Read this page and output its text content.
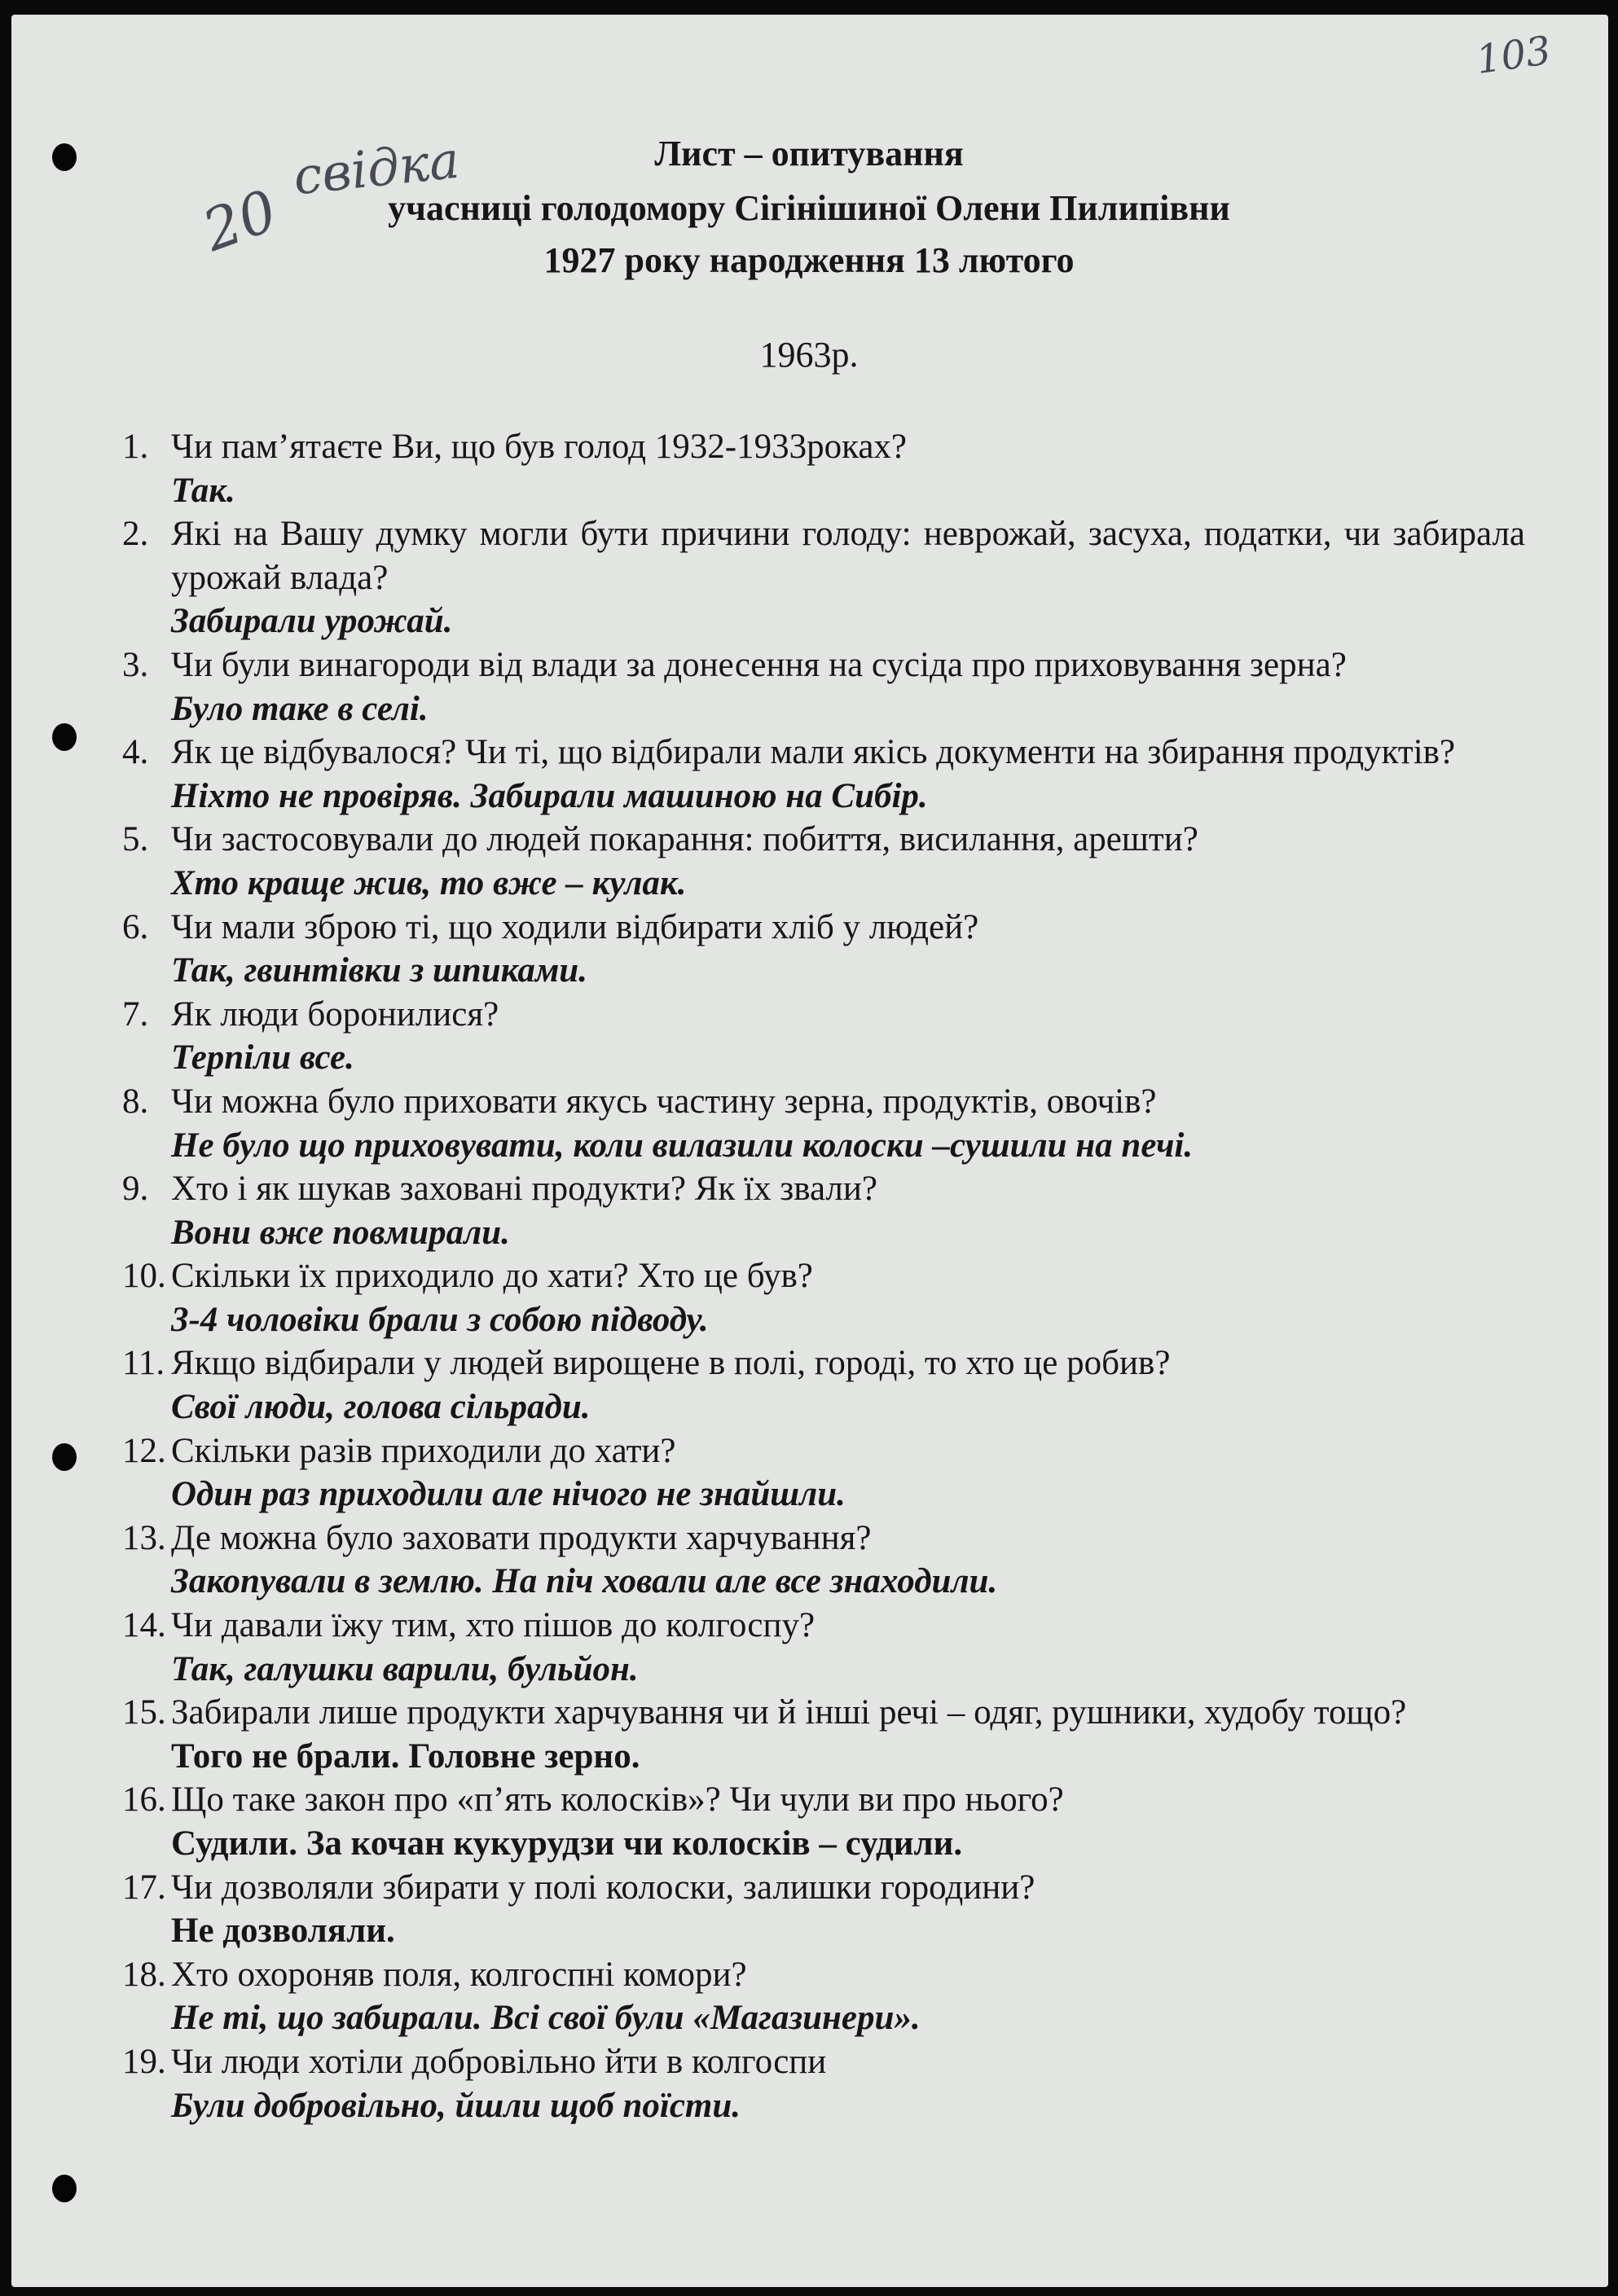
103
20
свідка	Лист – опитування
учасниці голодомору Сігінішиної Олени Пилипівни
1927 року народження 13 лютого
1963р.
1. Чи пам’ятаєте Ви, що був голод 1932-1933роках?
Так.
2. Які на Вашу думку могли бути причини голоду: неврожай, засуха, податки, чи забирала урожай влада?
Забирали урожай.
3. Чи були винагороди від влади за донесення на сусіда про приховування зерна?
Було таке в селі.
4. Як це відбувалося? Чи ті, що відбирали мали якісь документи на збирання продуктів?
Ніхто не провіряв. Забирали машиною на Сибір.
5. Чи застосовували до людей покарання: побиття, висилання, арешти?
Хто краще жив, то вже – кулак.
6. Чи мали зброю ті, що ходили відбирати хліб у людей?
Так, гвинтівки з шпиками.
7. Як люди боронилися?
Терпіли все.
8. Чи можна було приховати якусь частину зерна, продуктів, овочів?
Не було що приховувати, коли вилазили колоски –сушили на печі.
9. Хто і як шукав заховані продукти? Як їх звали?
Вони вже повмирали.
10. Скільки їх приходило до хати? Хто це був?
3-4 чоловіки брали з собою підводу.
11. Якщо відбирали у людей вирощене в полі, городі, то хто це робив?
Свої люди, голова сільради.
12. Скільки разів приходили до хати?
Один раз приходили але нічого не знайшли.
13. Де можна було заховати продукти харчування?
Закопували в землю. На піч ховали але все знаходили.
14. Чи давали їжу тим, хто пішов до колгоспу?
Так, галушки варили, бульйон.
15. Забирали лише продукти харчування чи й інші речі – одяг, рушники, худобу тощо?
Того не брали. Головне зерно.
16. Що таке закон про «п’ять колосків»? Чи чули ви про нього?
Судили. За кочан кукурудзи чи колосків – судили.
17. Чи дозволяли збирати у полі колоски, залишки городини?
Не дозволяли.
18. Хто охороняв поля, колгоспні комори?
Не ті, що забирали. Всі свої були «Магазинери».
19. Чи люди хотіли добровільно йти в колгоспи
Були добровільно, йшли щоб поїсти.
